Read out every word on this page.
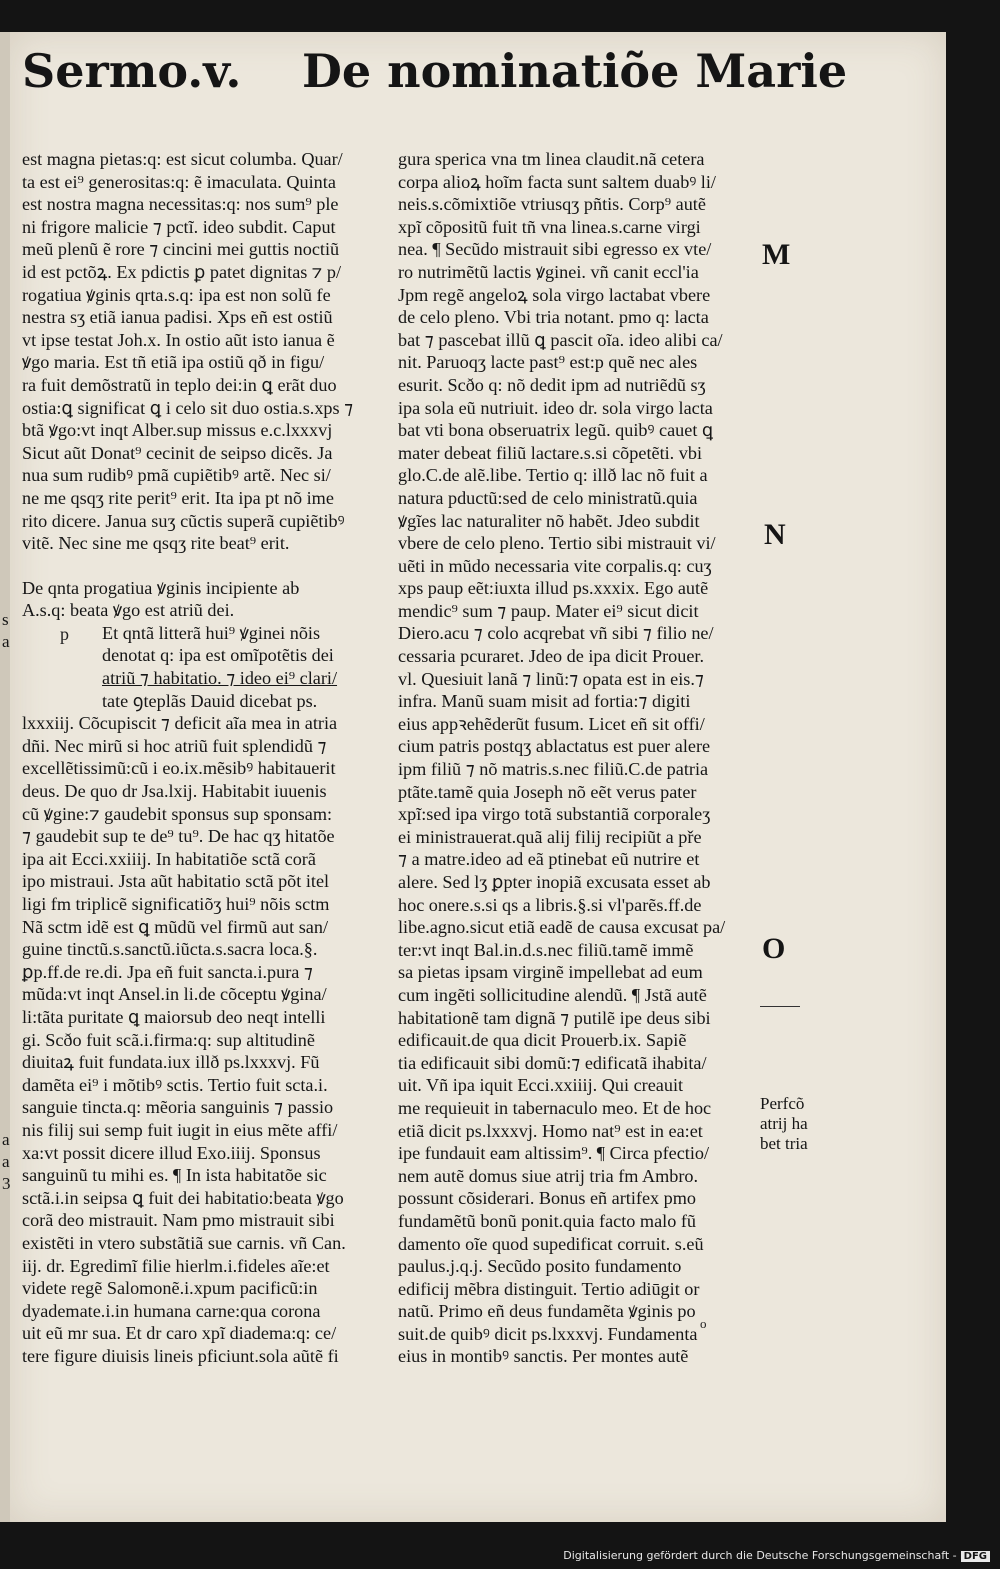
Sermo.v. De nominatiõe Marie
est magna pietas:q: est sicut columba. Quar/
ta est ei⁹ generositas:q: ẽ imaculata. Quinta
est nostra magna necessitas:q: nos sum⁹ ple
ni frigore malicie ⁊ pctĩ. ideo subdit. Caput
meũ plenũ ẽ rore ⁊ cincini mei guttis noctiũ
id est pctõꝝ. Ex pdictis ꝑ patet dignitas ⁊ p/
rogatiua ꝟginis qrta.s.q: ipa est non solũ fe
nestra sʒ etiã ianua padisi. Xps eñ est ostiũ
vt ipse testat Joh.x. In ostio aũt isto ianua ẽ
ꝟgo maria. Est tñ etiã ipa ostiũ qð in figu/
ra fuit demõstratũ in teplo dei:in ꝗ erãt duo
ostia:ꝗ significat ꝗ i celo sit duo ostia.s.xps ⁊
btã ꝟgo:vt inqt Alber.sup missus e.c.lxxxvj
Sicut aũt Donat⁹ cecinit de seipso dicẽs. Ja
nua sum rudibꝰ pmã cupiẽtibꝰ artẽ. Nec si/
ne me qsqʒ rite perit⁹ erit. Ita ipa pt nõ ime
rito dicere. Janua suʒ cũctis superã cupiẽtibꝰ
vitẽ. Nec sine me qsqʒ rite beat⁹ erit.
De qnta progatiua ꝟginis incipiente ab
A.s.q: beata ꝟgo est atriũ dei.
Et qntã litterã hui⁹ ꝟginei nõis
denotat q: ipa est omĩpotẽtis dei
atriũ ⁊ habitatio. ⁊ ideo ei⁹ clari/
tate ꝯteplãs Dauid dicebat ps.
lxxxiij. Cõcupiscit ⁊ deficit aĩa mea in atria
dñi. Nec mirũ si hoc atriũ fuit splendidũ ⁊
excellẽtissimũ:cũ i eo.ix.mẽsibꝰ habitauerit
deus. De quo dr Jsa.lxij. Habitabit iuuenis
cũ ꝟgine:⁊ gaudebit sponsus sup sponsam:
⁊ gaudebit sup te de⁹ tu⁹. De hac qʒ hitatõe
ipa ait Ecci.xxiiij. In habitatiõe sctã corã
ipo mistraui. Jsta aũt habitatio sctã põt itel
ligi fm triplicẽ significatiõʒ hui⁹ nõis sctm
Nã sctm idẽ est ꝗ mũdũ vel firmũ aut san/
guine tinctũ.s.sanctũ.iũcta.s.sacra loca.§.
ꝑp.ff.de re.di. Jpa eñ fuit sancta.i.pura ⁊
mũda:vt inqt Ansel.in li.de cõceptu ꝟgina/
li:tãta puritate ꝗ maiorsub deo neqt intelli
gi. Scðo fuit scã.i.firma:q: sup altitudinẽ
diuitaꝝ fuit fundata.iux illð ps.lxxxvj. Fũ
damẽta ei⁹ i mõtibꝰ sctis. Tertio fuit scta.i.
sanguie tincta.q: mẽoria sanguinis ⁊ passio
nis filij sui semp fuit iugit in eius mẽte affi/
xa:vt possit dicere illud Exo.iiij. Sponsus
sanguinũ tu mihi es. ¶ In ista habitatõe sic
sctã.i.in seipsa ꝗ fuit dei habitatio:beata ꝟgo
corã deo mistrauit. Nam pmo mistrauit sibi
existẽti in vtero substãtiã sue carnis. vñ Can.
iij. dr. Egredimĩ filie hierlm.i.fideles aĩe:et
videte regẽ Salomonẽ.i.xpum pacificũ:in
dyademate.i.in humana carne:qua corona
uit eũ mr sua. Et dr caro xpĩ diadema:q: ce/
tere figure diuisis lineis pficiunt.sola aũtẽ fi
p
gura sperica vna tm linea claudit.nã cetera
corpa alioꝝ hoĩm facta sunt saltem duabꝰ li/
neis.s.cõmixtiõe vtriusqʒ pñtis. Corp⁹ autẽ
xpĩ cõpositũ fuit tñ vna linea.s.carne virgi
nea. ¶ Secũdo mistrauit sibi egresso ex vte/
ro nutrimẽtũ lactis ꝟginei. vñ canit eccl'ia
Jpm regẽ angeloꝝ sola virgo lactabat vbere
de celo pleno. Vbi tria notant. pmo q: lacta
bat ⁊ pascebat illũ ꝗ pascit oĩa. ideo alibi ca/
nit. Paruoqʒ lacte past⁹ est:p quẽ nec ales
esurit. Scðo q: nõ dedit ipm ad nutriẽdũ sʒ
ipa sola eũ nutriuit. ideo dr. sola virgo lacta
bat vti bona obseruatrix legũ. quibꝰ cauet ꝗ
mater debeat filiũ lactare.s.si cõpetẽti. vbi
glo.C.de alẽ.libe. Tertio q: illð lac nõ fuit a
natura pductũ:sed de celo ministratũ.quia
ꝟgĩes lac naturaliter nõ habẽt. Jdeo subdit
vbere de celo pleno. Tertio sibi mistrauit vi/
uẽti in mũdo necessaria vite corpalis.q: cuʒ
xps paup eẽt:iuxta illud ps.xxxix. Ego autẽ
mendic⁹ sum ⁊ paup. Mater ei⁹ sicut dicit
Diero.acu ⁊ colo acqrebat vñ sibi ⁊ filio ne/
cessaria pcuraret. Jdeo de ipa dicit Prouer.
vl. Quesiuit lanã ⁊ linũ:⁊ opata est in eis.⁊
infra. Manũ suam misit ad fortia:⁊ digiti
eius appꝛehẽderũt fusum. Licet eñ sit offi/
cium patris postqʒ ablactatus est puer alere
ipm filiũ ⁊ nõ matris.s.nec filiũ.C.de patria
ptãte.tamẽ quia Joseph nõ eẽt verus pater
xpĩ:sed ipa virgo totã substantiã corporaleʒ
ei ministrauerat.quã alij filij recipiũt a pře
⁊ a matre.ideo ad eã ptinebat eũ nutrire et
alere. Sed lʒ ꝑpter inopiã excusata esset ab
hoc onere.s.si qs a libris.§.si vl'parẽs.ff.de
libe.agno.sicut etiã eadẽ de causa excusat pa/
ter:vt inqt Bal.in.d.s.nec filiũ.tamẽ immẽ
sa pietas ipsam virginẽ impellebat ad eum
cum ingẽti sollicitudine alendũ. ¶ Jstã autẽ
habitationẽ tam dignã ⁊ putilẽ ipe deus sibi
edificauit.de qua dicit Prouerb.ix. Sapiẽ
tia edificauit sibi domũ:⁊ edificatã ihabita/
uit. Vñ ipa iquit Ecci.xxiiij. Qui creauit
me requieuit in tabernaculo meo. Et de hoc
etiã dicit ps.lxxxvj. Homo nat⁹ est in ea:et
ipe fundauit eam altissim⁹. ¶ Circa pfectio/
nem autẽ domus siue atrij tria fm Ambro.
possunt cõsiderari. Bonus eñ artifex pmo
fundamẽtũ bonũ ponit.quia facto malo fũ
damento oĩe quod supedificat corruit. s.eũ
paulus.j.q.j. Secũdo posito fundamento
edificij mẽbra distinguit. Tertio adiūgit or
natũ. Primo eñ deus fundamẽta ꝟginis po
suit.de quibꝰ dicit ps.lxxxvj. Fundamenta
eius in montibꝰ sanctis. Per montes autẽ
M
N
O
Perfcõ
atrij ha
bet tria
s
a
a
a
3
o
Digitalisierung gefördert durch die Deutsche Forschungsgemeinschaft - DFG
